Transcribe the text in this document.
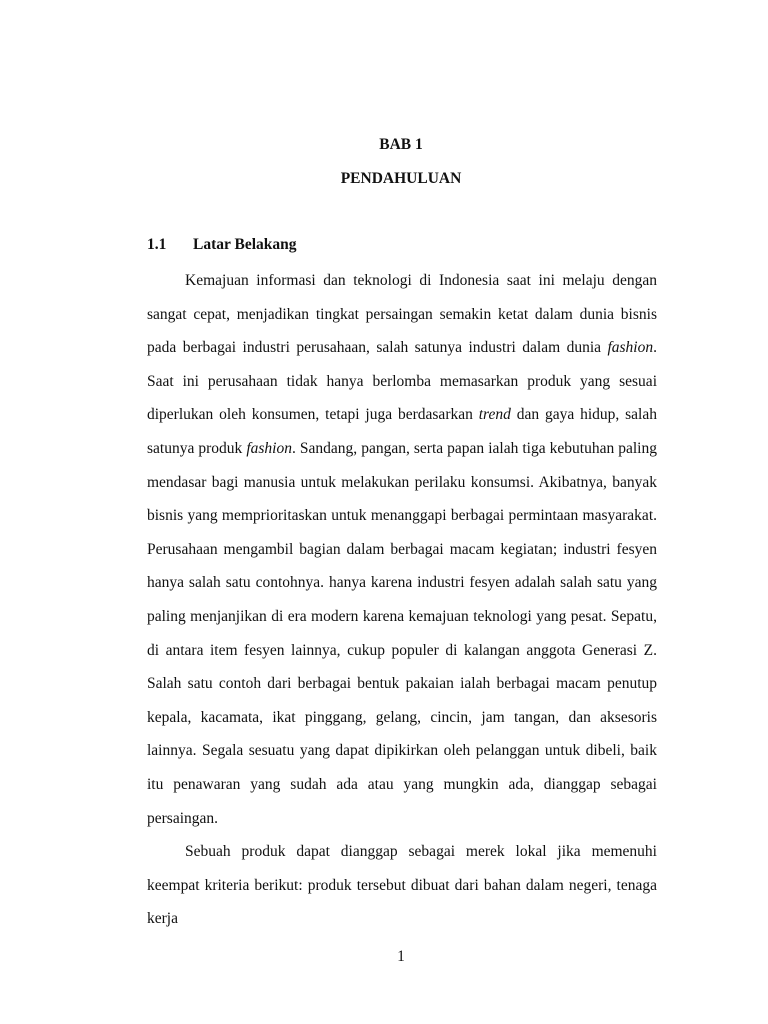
BAB 1
PENDAHULUAN
1.1 Latar Belakang

Kemajuan informasi dan teknologi di Indonesia saat ini melaju dengan sangat cepat, menjadikan tingkat persaingan semakin ketat dalam dunia bisnis pada berbagai industri perusahaan, salah satunya industri dalam dunia fashion. Saat ini perusahaan tidak hanya berlomba memasarkan produk yang sesuai diperlukan oleh konsumen, tetapi juga berdasarkan trend dan gaya hidup, salah satunya produk fashion. Sandang, pangan, serta papan ialah tiga kebutuhan paling mendasar bagi manusia untuk melakukan perilaku konsumsi. Akibatnya, banyak bisnis yang memprioritaskan untuk menanggapi berbagai permintaan masyarakat. Perusahaan mengambil bagian dalam berbagai macam kegiatan; industri fesyen hanya salah satu contohnya. hanya karena industri fesyen adalah salah satu yang paling menjanjikan di era modern karena kemajuan teknologi yang pesat. Sepatu, di antara item fesyen lainnya, cukup populer di kalangan anggota Generasi Z. Salah satu contoh dari berbagai bentuk pakaian ialah berbagai macam penutup kepala, kacamata, ikat pinggang, gelang, cincin, jam tangan, dan aksesoris lainnya. Segala sesuatu yang dapat dipikirkan oleh pelanggan untuk dibeli, baik itu penawaran yang sudah ada atau yang mungkin ada, dianggap sebagai persaingan.

Sebuah produk dapat dianggap sebagai merek lokal jika memenuhi keempat kriteria berikut: produk tersebut dibuat dari bahan dalam negeri, tenaga kerja

1
